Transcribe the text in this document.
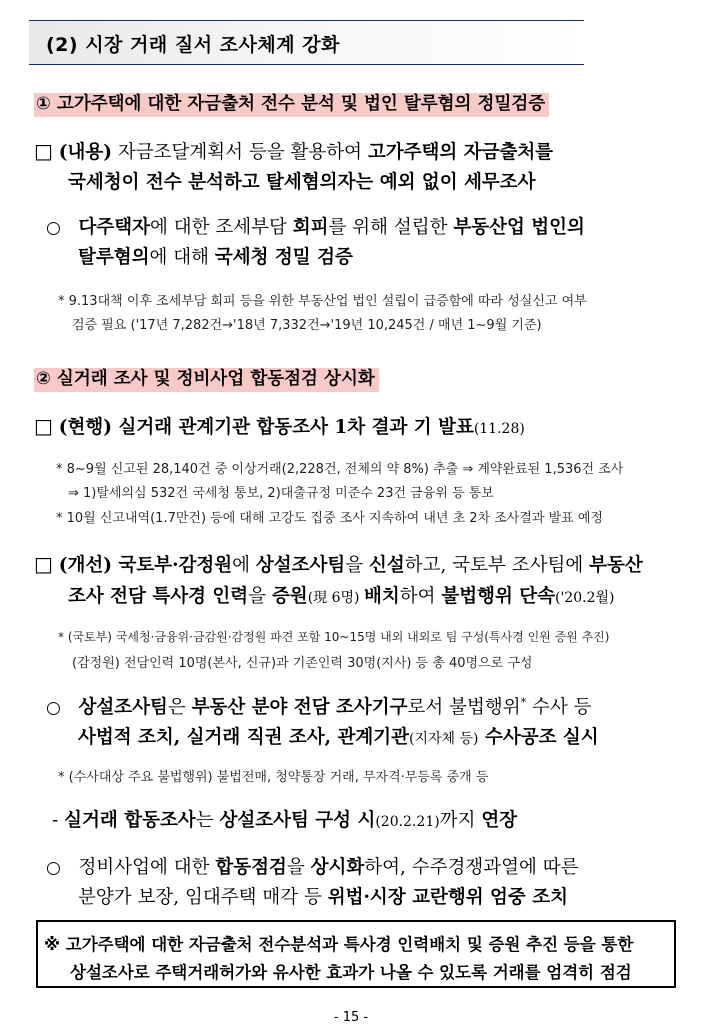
(2) 시장 거래 질서 조사체계 강화
① 고가주택에 대한 자금출처 전수 분석 및 법인 탈루혐의 정밀검증
□ (내용) 자금조달계획서 등을 활용하여 고가주택의 자금출처를
국세청이 전수 분석하고 탈세혐의자는 예외 없이 세무조사
○ 다주택자에 대한 조세부담 회피를 위해 설립한 부동산업 법인의
탈루혐의에 대해 국세청 정밀 검증
* 9.13대책 이후 조세부담 회피 등을 위한 부동산업 법인 설립이 급증함에 따라 성실신고 여부
검증 필요 ('17년 7,282건→'18년 7,332건→'19년 10,245건 / 매년 1~9월 기준)
② 실거래 조사 및 정비사업 합동점검 상시화
□ (현행) 실거래 관계기관 합동조사 1차 결과 기 발표(11.28)
* 8~9월 신고된 28,140건 중 이상거래(2,228건, 전체의 약 8%) 추출 ⇒ 계약완료된 1,536건 조사
⇒ 1)탈세의심 532건 국세청 통보, 2)대출규정 미준수 23건 금융위 등 통보
* 10월 신고내역(1.7만건) 등에 대해 고강도 집중 조사 지속하여 내년 초 2차 조사결과 발표 예정
□ (개선) 국토부·감정원에 상설조사팀을 신설하고, 국토부 조사팀에 부동산
조사 전담 특사경 인력을 증원(現 6명) 배치하여 불법행위 단속('20.2월)
* (국토부) 국세청·금융위·금감원·감정원 파견 포함 10~15명 내외 내외로 팀 구성(특사경 인원 증원 추진)
(감정원) 전담인력 10명(본사, 신규)과 기존인력 30명(지사) 등 총 40명으로 구성
○ 상설조사팀은 부동산 분야 전담 조사기구로서 불법행위* 수사 등
사법적 조치, 실거래 직권 조사, 관계기관(지자체 등) 수사공조 실시
* (수사대상 주요 불법행위) 불법전매, 청약통장 거래, 무자격·무등록 중개 등
- 실거래 합동조사는 상설조사팀 구성 시(20.2.21)까지 연장
○   정비사업에 대한 합동점검을 상시화하여, 수주경쟁과열에 따른
분양가 보장, 임대주택 매각 등 위법·시장 교란행위 엄중 조치
※ 고가주택에 대한 자금출처 전수분석과 특사경 인력배치 및 증원 추진 등을 통한
상설조사로 주택거래허가와 유사한 효과가 나올 수 있도록 거래를 엄격히 점검
- 15 -
